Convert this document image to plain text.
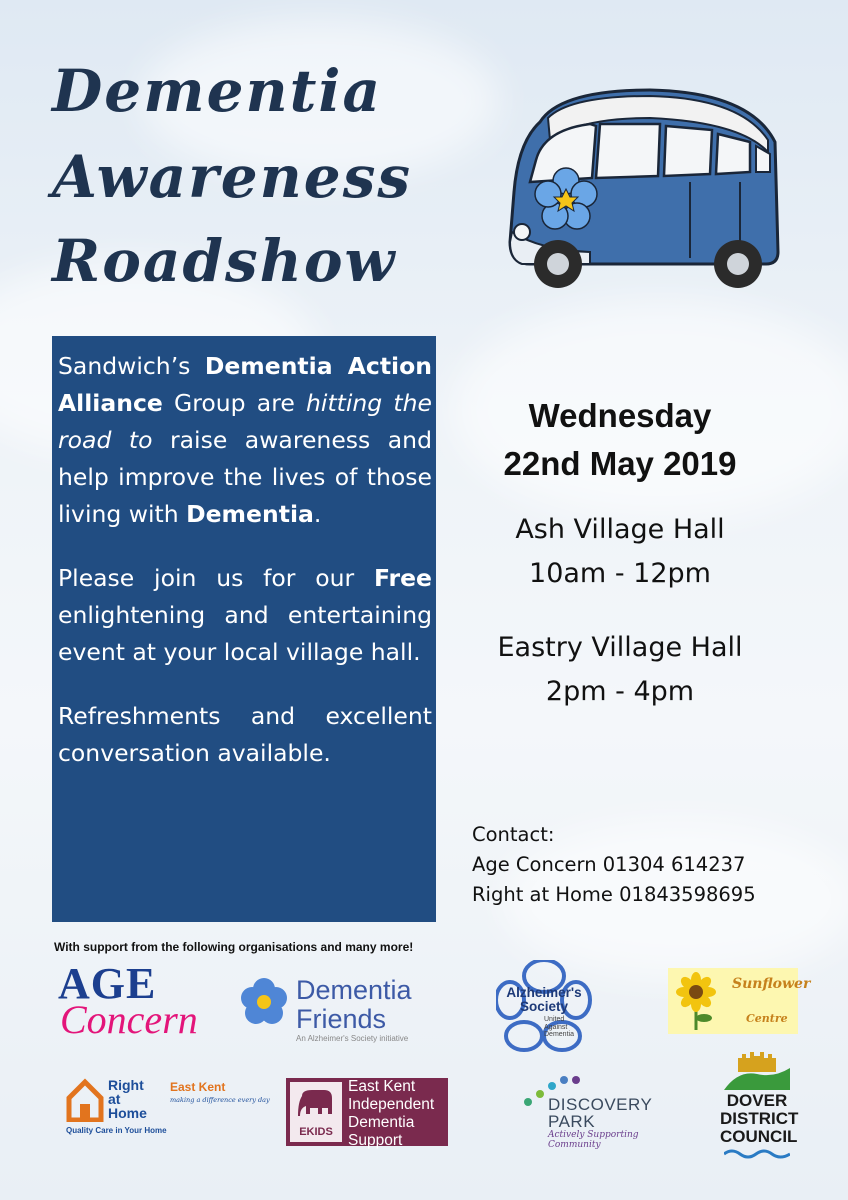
Dementia
Awareness
Roadshow

Sandwich’s Dementia Action Alliance Group are hitting the road to raise awareness and help improve the lives of those living with Dementia.

Please join us for our Free enlightening and entertaining event at your local village hall.

Refreshments and excellent conversation available.

Wednesday
22nd May 2019
Ash Village Hall
10am - 12pm
Eastry Village Hall
2pm - 4pm
Contact:
Age Concern 01304 614237
Right at Home 01843598695
With support from the following organisations and many more!
AGE
Concern
Dementia
Friends
An Alzheimer's Society initiative
Alzheimer's
Society
United
Against
Dementia
Sunflower
Centre
Right
at
Home
East Kent
making a difference every day
Quality Care in Your Home	EKIDS
East Kent
Independent
Dementia
Support
DISCOVERY
PARK
Actively Supporting Community
DOVER
DISTRICT
COUNCIL
